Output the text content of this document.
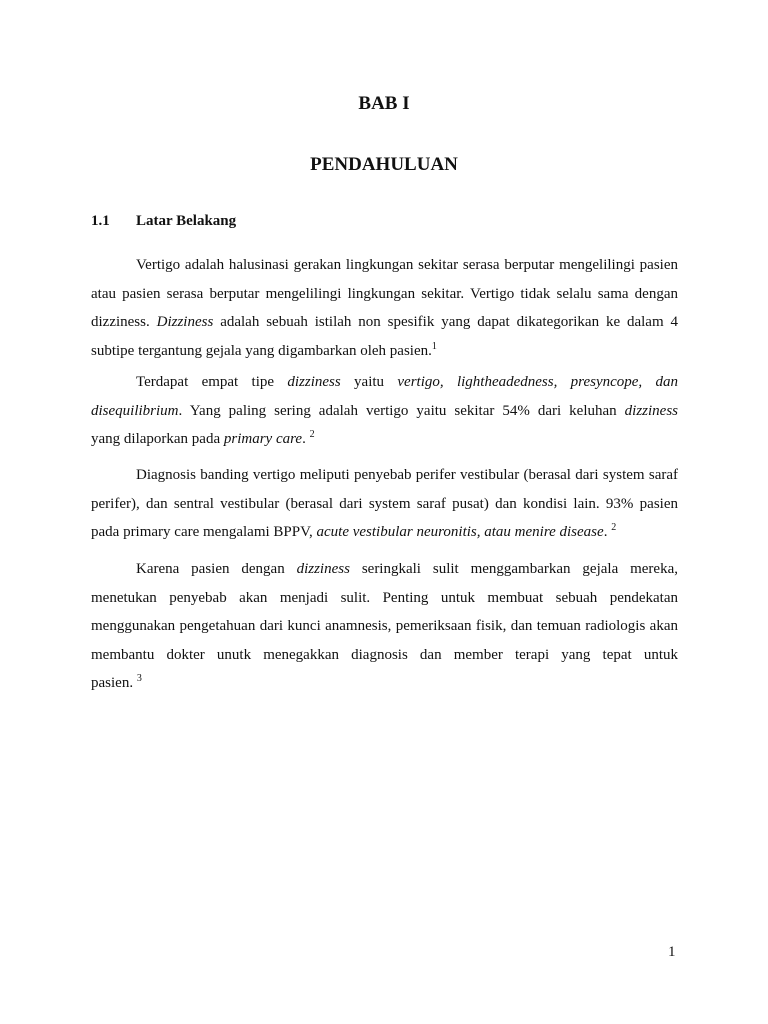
BAB I
PENDAHULUAN
1.1 Latar Belakang
Vertigo adalah halusinasi gerakan lingkungan sekitar serasa berputar mengelilingi pasien
atau pasien serasa berputar mengelilingi lingkungan sekitar. Vertigo tidak selalu sama dengan
dizziness. Dizziness adalah sebuah istilah non spesifik yang dapat dikategorikan ke dalam 4
subtipe tergantung gejala yang digambarkan oleh pasien.$^1$
Terdapat empat tipe dizziness yaitu vertigo, lightheadedness, presyncope, dan
disequilibrium. Yang paling sering adalah vertigo yaitu sekitar 54% dari keluhan dizziness
yang dilaporkan pada primary care. $^2$
Diagnosis banding vertigo meliputi penyebab perifer vestibular (berasal dari system saraf
perifer), dan sentral vestibular (berasal dari system saraf pusat) dan kondisi lain. 93% pasien
pada primary care mengalami BPPV, acute vestibular neuronitis, atau menire disease. $^2$
Karena pasien dengan dizziness seringkali sulit menggambarkan gejala mereka,
menetukan penyebab akan menjadi sulit. Penting untuk membuat sebuah pendekatan
menggunakan pengetahuan dari kunci anamnesis, pemeriksaan fisik, dan temuan radiologis akan
membantu dokter unutk menegakkan diagnosis dan member terapi yang tepat untuk
pasien. $^3$
1
